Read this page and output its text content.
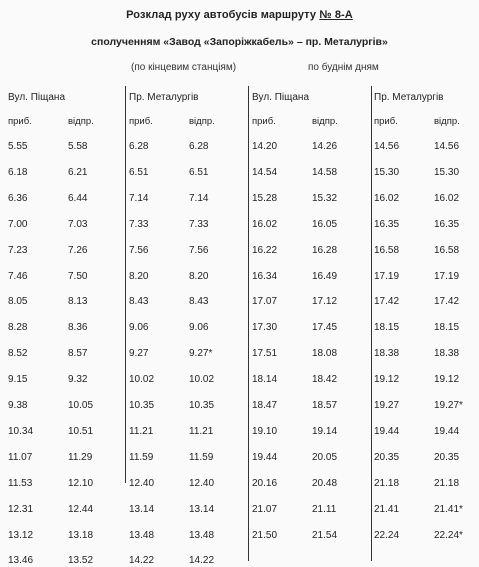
Розклад руху автобусів маршруту № 8-А
сполученням «Завод «Запоріжкабель» – пр. Металургів»
(по кінцевим станціям)	по буднім дням
Вул. Піщана
приб.	відпр.
5.55	5.58
6.18	6.21
6.36	6.44
7.00	7.03
7.23	7.26
7.46	7.50
8.05	8.13
8.28	8.36
8.52	8.57
9.15	9.32
9.38	10.05
10.34	10.51
11.07	11.29
11.53	12.10
12.31	12.44
13.12	13.18
13.46	13.52
Пр. Металургів
приб.	відпр.
6.28	6.28
6.51	6.51
7.14	7.14
7.33	7.33
7.56	7.56
8.20	8.20
8.43	8.43
9.06	9.06
9.27	9.27*
10.02	10.02
10.35	10.35
11.21	11.21
11.59	11.59
12.40	12.40
13.14	13.14
13.48	13.48
14.22	14.22
Вул. Піщана
приб.	відпр.
14.20	14.26
14.54	14.58
15.28	15.32
16.02	16.05
16.22	16.28
16.34	16.49
17.07	17.12
17.30	17.45
17.51	18.08
18.14	18.42
18.47	18.57
19.10	19.14
19.44	20.05
20.16	20.48
21.07	21.11
21.50	21.54
Пр. Металургів
приб.	відпр.
14.56	14.56
15.30	15.30
16.02	16.02
16.35	16.35
16.58	16.58
17.19	17.19
17.42	17.42
18.15	18.15
18.38	18.38
19.12	19.12
19.27	19.27*
19.44	19.44
20.35	20.35
21.18	21.18
21.41	21.41*
22.24	22.24*
